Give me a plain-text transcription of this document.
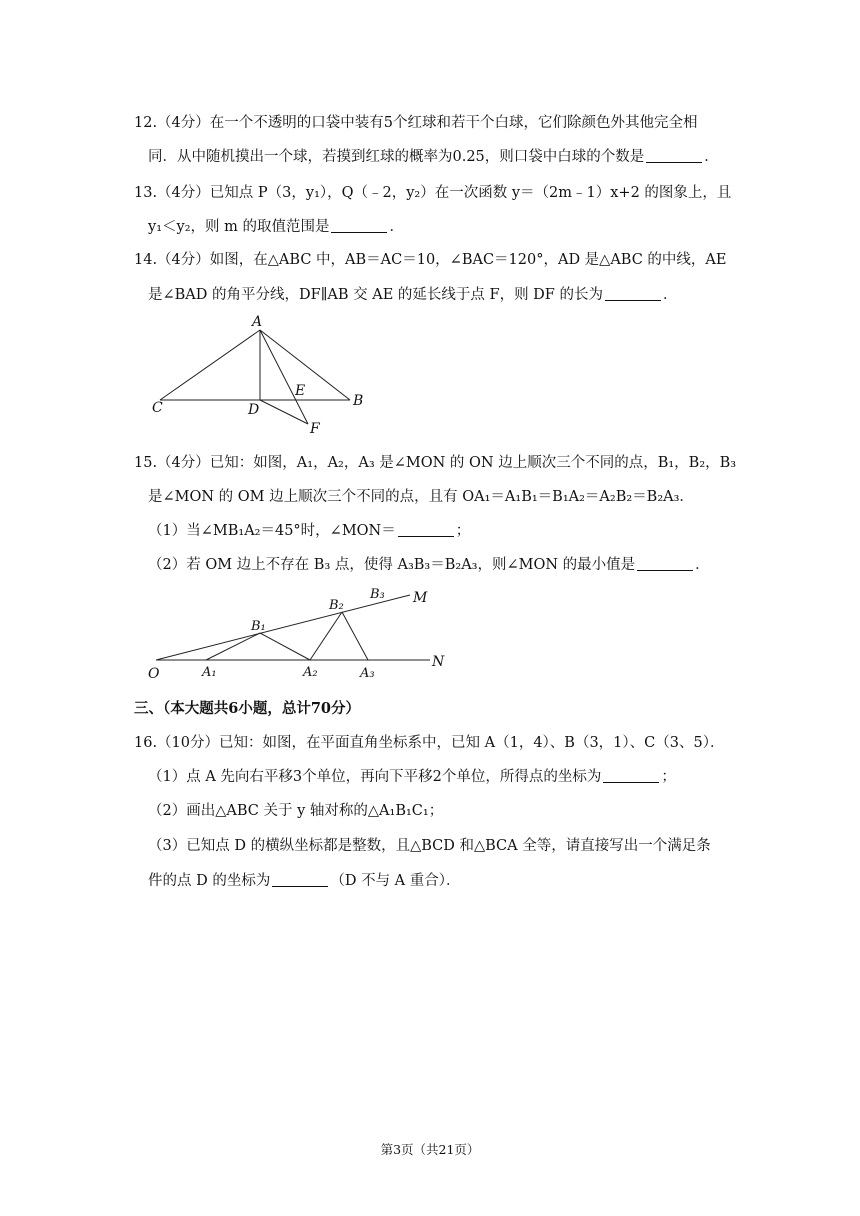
12.（4分）在一个不透明的口袋中装有5个红球和若干个白球，它们除颜色外其他完全相
同．从中随机摸出一个球，若摸到红球的概率为0.25，则口袋中白球的个数是	．
13.（4分）已知点 P（3，y₁），Q（﹣2，y₂）在一次函数 y＝（2m﹣1）x+2 的图象上，且
y₁＜y₂，则 m 的取值范围是	．
14.（4分）如图，在△ABC 中，AB＝AC＝10，∠BAC＝120°，AD 是△ABC 的中线，AE
是∠BAD 的角平分线，DF∥AB 交 AE 的延长线于点 F，则 DF 的长为	．
A
B
C	D
E
F
15.（4分）已知：如图，A₁，A₂，A₃ 是∠MON 的 ON 边上顺次三个不同的点，B₁，B₂，B₃
是∠MON 的 OM 边上顺次三个不同的点，且有 OA₁＝A₁B₁＝B₁A₂＝A₂B₂＝B₂A₃．
（1）当∠MB₁A₂＝45°时，∠MON＝	；
（2）若 OM 边上不存在 B₃ 点，使得 A₃B₃＝B₂A₃，则∠MON 的最小值是	．
O
M
N
A₁	A₂	A₃
B₁
B₂
B₃
三、（本大题共6小题，总计70分）
16.（10分）已知：如图，在平面直角坐标系中，已知 A（1，4）、B（3，1）、C（3、5）．
（1）点 A 先向右平移3个单位，再向下平移2个单位，所得点的坐标为	；
（2）画出△ABC 关于 y 轴对称的△A₁B₁C₁；
（3）已知点 D 的横纵坐标都是整数，且△BCD 和△BCA 全等，请直接写出一个满足条
件的点 D 的坐标为	（D 不与 A 重合）．
第3页（共21页）
